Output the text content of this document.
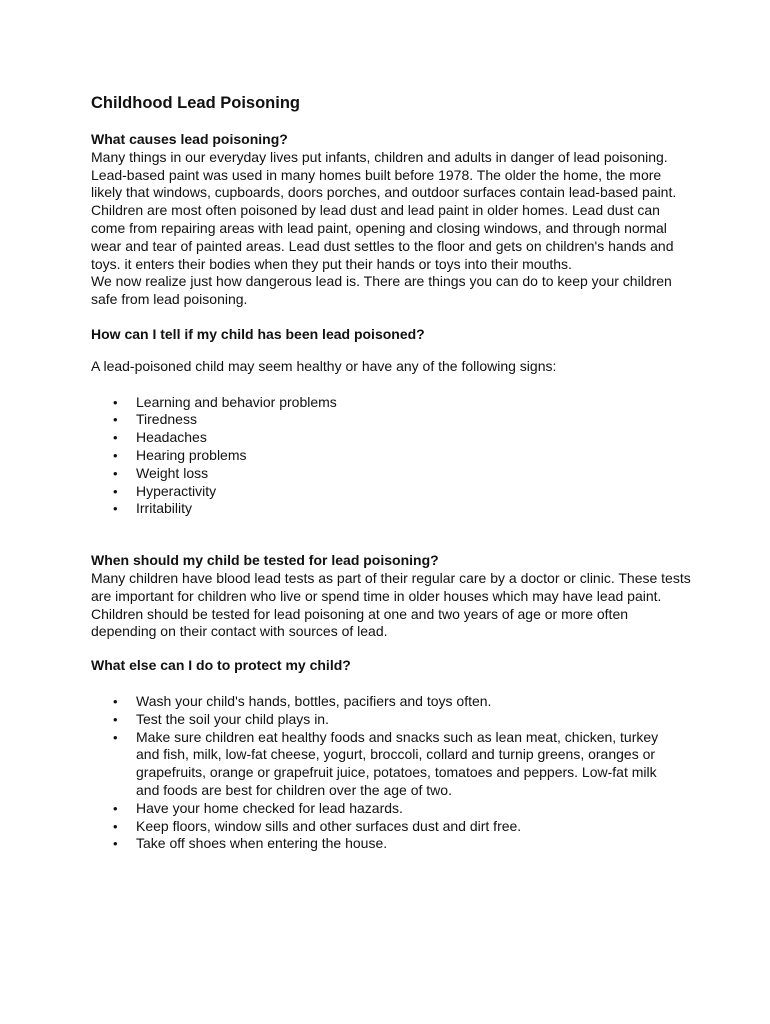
Childhood Lead Poisoning
What causes lead poisoning?

Many things in our everyday lives put infants, children and adults in danger of lead poisoning.

Lead-based paint was used in many homes built before 1978. The older the home, the more likely that windows, cupboards, doors porches, and outdoor surfaces contain lead-based paint.

Children are most often poisoned by lead dust and lead paint in older homes. Lead dust can come from repairing areas with lead paint, opening and closing windows, and through normal wear and tear of painted areas. Lead dust settles to the floor and gets on children's hands and toys. it enters their bodies when they put their hands or toys into their mouths.

We now realize just how dangerous lead is. There are things you can do to keep your children safe from lead poisoning.

How can I tell if my child has been lead poisoned?

A lead-poisoned child may seem healthy or have any of the following signs:

• Learning and behavior problems
• Tiredness
• Headaches
• Hearing problems
• Weight loss
• Hyperactivity
• Irritability
When should my child be tested for lead poisoning?

Many children have blood lead tests as part of their regular care by a doctor or clinic. These tests are important for children who live or spend time in older houses which may have lead paint.

Children should be tested for lead poisoning at one and two years of age or more often depending on their contact with sources of lead.

What else can I do to protect my child?
• Wash your child's hands, bottles, pacifiers and toys often.
• Test the soil your child plays in.
• Make sure children eat healthy foods and snacks such as lean meat, chicken, turkey and fish, milk, low-fat cheese, yogurt, broccoli, collard and turnip greens, oranges or grapefruits, orange or grapefruit juice, potatoes, tomatoes and peppers. Low-fat milk and foods are best for children over the age of two.
• Have your home checked for lead hazards.
• Keep floors, window sills and other surfaces dust and dirt free.
• Take off shoes when entering the house.
